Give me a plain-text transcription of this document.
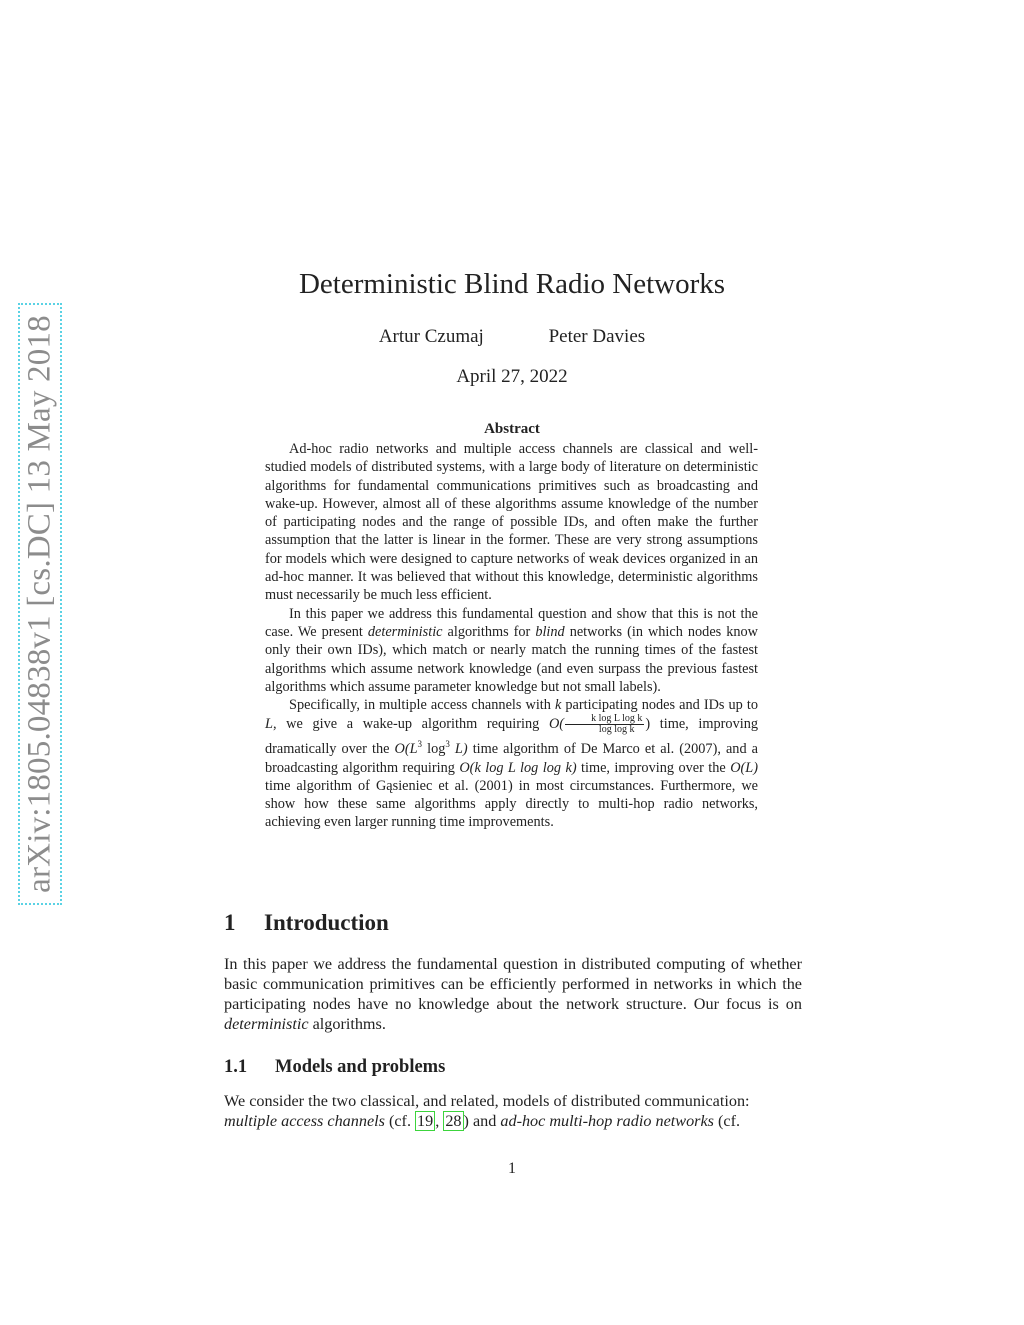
arXiv:1805.04838v1 [cs.DC] 13 May 2018
Deterministic Blind Radio Networks
Artur Czumaj	Peter Davies
April 27, 2022
Abstract

Ad-hoc radio networks and multiple access channels are classical and well-studied models of distributed systems, with a large body of literature on deterministic algorithms for fundamental communications primitives such as broadcasting and wake-up. However, almost all of these algorithms assume knowledge of the number of participating nodes and the range of possible IDs, and often make the further assumption that the latter is linear in the former. These are very strong assumptions for models which were designed to capture networks of weak devices organized in an ad-hoc manner. It was believed that without this knowledge, deterministic algorithms must necessarily be much less efficient.

In this paper we address this fundamental question and show that this is not the case. We present deterministic algorithms for blind networks (in which nodes know only their own IDs), which match or nearly match the running times of the fastest algorithms which assume network knowledge (and even surpass the previous fastest algorithms which assume parameter knowledge but not small labels).

Specifically, in multiple access channels with k participating nodes and IDs up to L, we give a wake-up algorithm requiring $O( \frac{\text{k log L log k}}{\text{log log k}}$ ) time, improving dramatically over the $O(L^3$ $\log^3 L$) time algorithm of De Marco et al. (2007), and a broadcasting algorithm requiring O(k log L log log k) time, improving over the O(L) time algorithm of Gąsieniec et al. (2001) in most circumstances. Furthermore, we show how these same algorithms apply directly to multi-hop radio networks, achieving even larger running time improvements.

1 Introduction

In this paper we address the fundamental question in distributed computing of whether basic communication primitives can be efficiently performed in networks in which the participating nodes have no knowledge about the network structure. Our focus is on deterministic algorithms.

1.1 Models and problems

We consider the two classical, and related, models of distributed communication:

multiple access channels (cf. 19 , 28 ) and ad-hoc multi-hop radio networks (cf.

1
